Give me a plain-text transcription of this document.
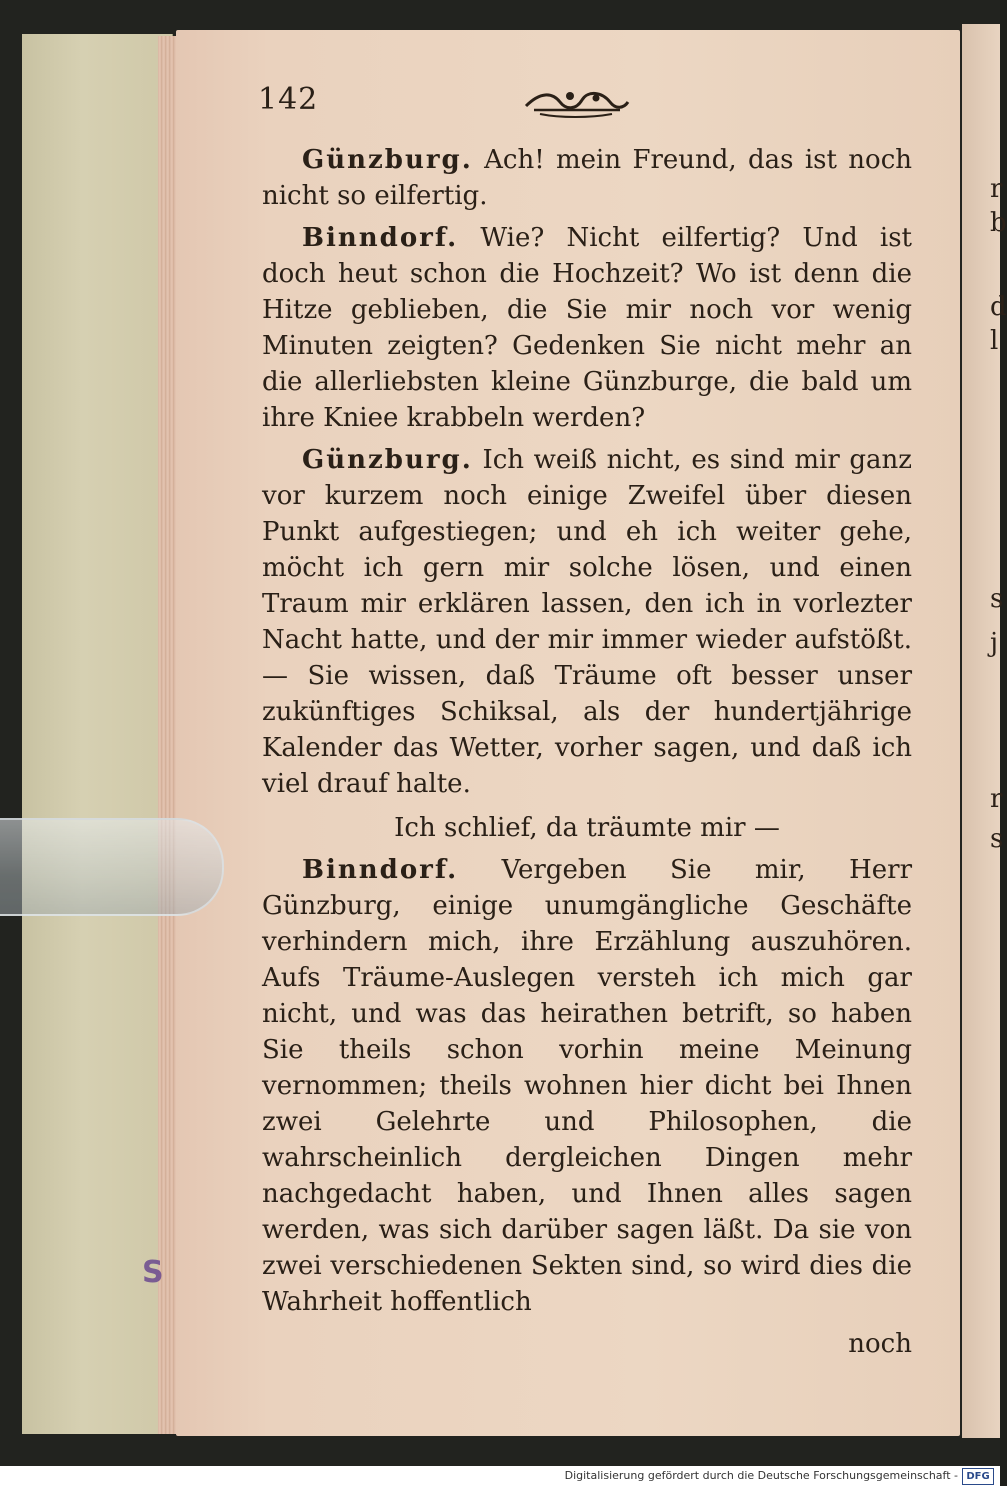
r
b
d
l
s
j
r
s
142

Günzburg. Ach! mein Freund, das ist noch nicht so eilfertig.

Binndorf. Wie? Nicht eilfertig? Und ist doch heut schon die Hochzeit? Wo ist denn die Hitze geblieben, die Sie mir noch vor wenig Minuten zeigten? Gedenken Sie nicht mehr an die allerliebsten kleine Günzburge, die bald um ihre Kniee krabbeln werden?

Günzburg. Ich weiß nicht, es sind mir ganz vor kurzem noch einige Zweifel über diesen Punkt aufgestiegen; und eh ich weiter gehe, möcht ich gern mir solche lösen, und einen Traum mir erklären lassen, den ich in vorlezter Nacht hatte, und der mir immer wieder aufstößt. — Sie wissen, daß Träume oft besser unser zukünftiges Schiksal, als der hundertjährige Kalender das Wetter, vorher sagen, und daß ich viel drauf halte.

Ich schlief, da träumte mir —

Binndorf. Vergeben Sie mir, Herr Günzburg, einige unumgängliche Geschäfte verhindern mich, ihre Erzählung auszuhören. Aufs Träume-Auslegen versteh ich mich gar nicht, und was das heirathen betrift, so haben Sie theils schon vorhin meine Meinung vernommen; theils wohnen hier dicht bei Ihnen zwei Gelehrte und Philosophen, die wahrscheinlich dergleichen Dingen mehr nachgedacht haben, und Ihnen alles sagen werden, was sich darüber sagen läßt. Da sie von zwei verschiedenen Sekten sind, so wird dies die Wahrheit hoffentlich

noch

S
Digitalisierung gefördert durch die Deutsche Forschungsgemeinschaft - DFG
